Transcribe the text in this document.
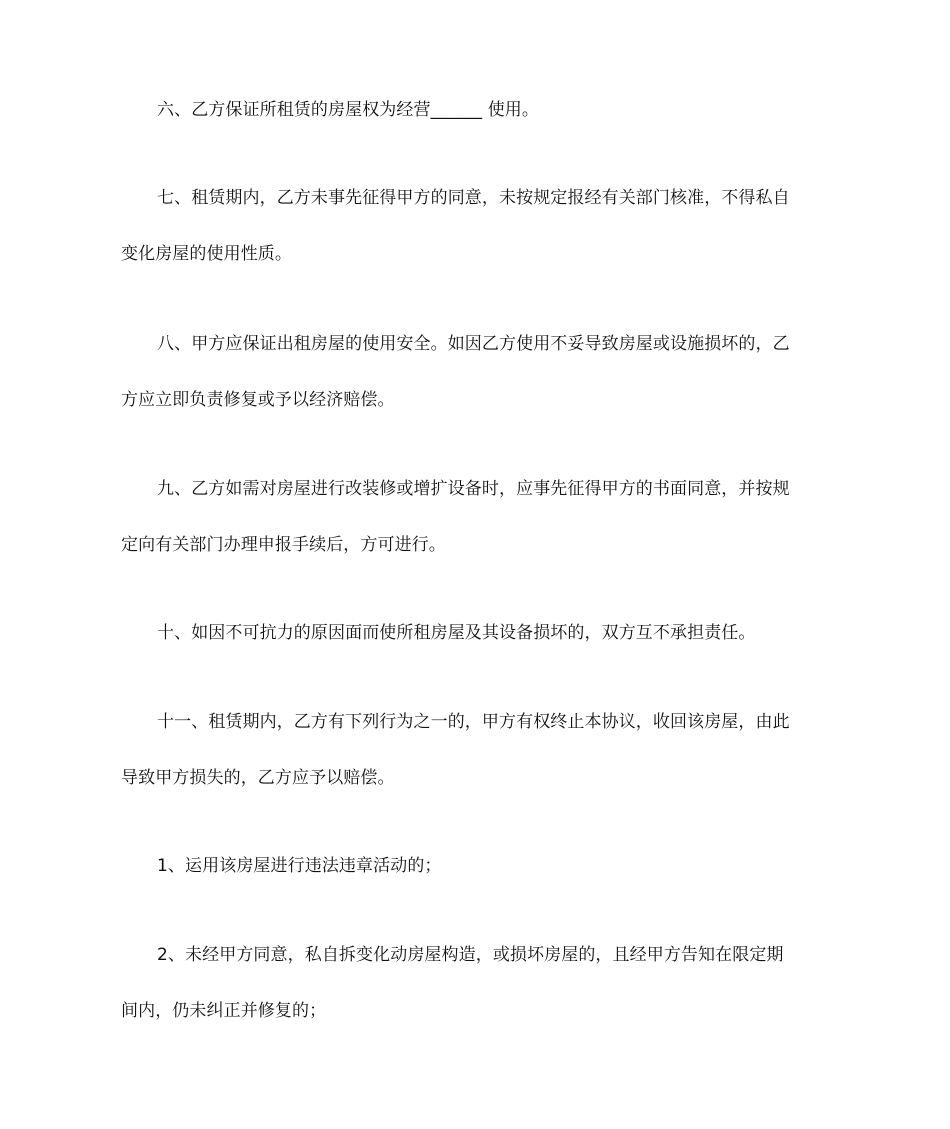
六、乙方保证所租赁的房屋权为经营______ 使用。
七、租赁期内，乙方未事先征得甲方的同意，未按规定报经有关部门核准，不得私自
变化房屋的使用性质。
八、甲方应保证出租房屋的使用安全。如因乙方使用不妥导致房屋或设施损坏的，乙
方应立即负责修复或予以经济赔偿。
九、乙方如需对房屋进行改装修或增扩设备时，应事先征得甲方的书面同意，并按规
定向有关部门办理申报手续后，方可进行。
十、如因不可抗力的原因面而使所租房屋及其设备损坏的，双方互不承担责任。
十一、租赁期内，乙方有下列行为之一的，甲方有权终止本协议，收回该房屋，由此
导致甲方损失的，乙方应予以赔偿。
1、运用该房屋进行违法违章活动的；
2、未经甲方同意，私自拆变化动房屋构造，或损坏房屋的，且经甲方告知在限定期
间内，仍未纠正并修复的；
